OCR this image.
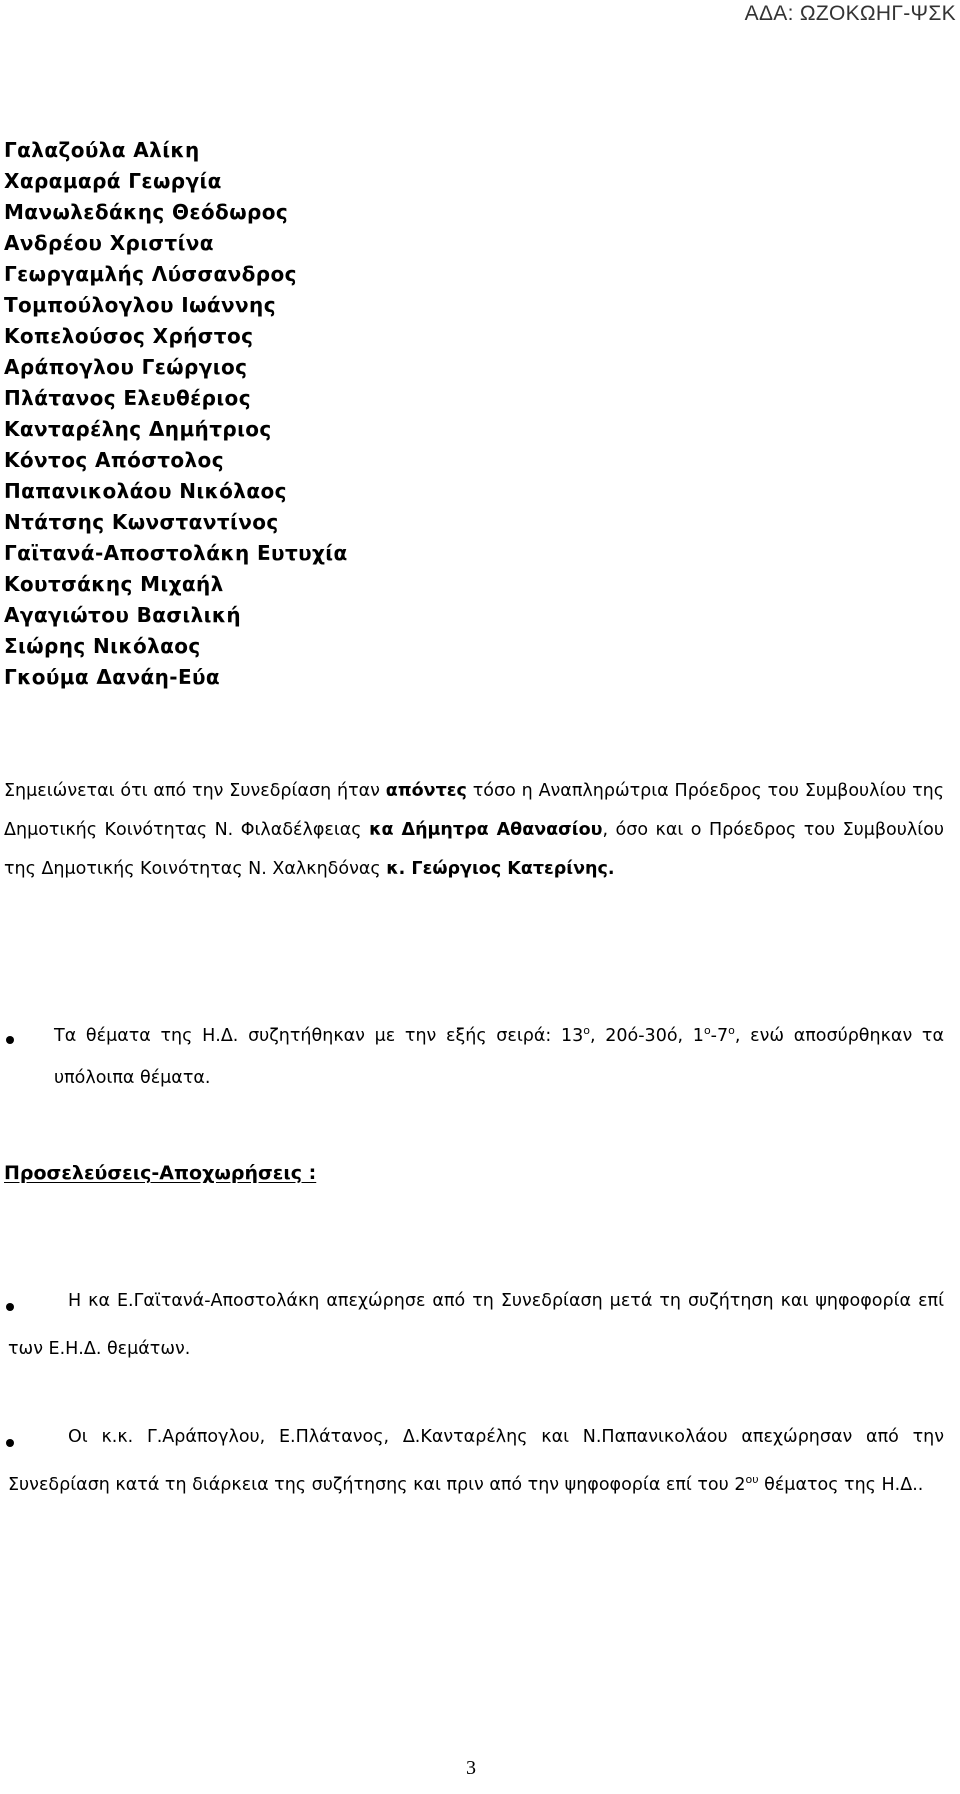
ΑΔΑ: ΩΖΟΚΩΗΓ-ΨΣΚ
Γαλαζούλα Αλίκη
Χαραμαρά Γεωργία
Μανωλεδάκης Θεόδωρος
Ανδρέου Χριστίνα
Γεωργαμλής Λύσσανδρος
Τομπούλογλου Ιωάννης
Κοπελούσος Χρήστος
Αράπογλου Γεώργιος
Πλάτανος Ελευθέριος
Κανταρέλης Δημήτριος
Κόντος Απόστολος
Παπανικολάου Νικόλαος
Ντάτσης Κωνσταντίνος
Γαϊτανά-Αποστολάκη Ευτυχία
Κουτσάκης Μιχαήλ
Αγαγιώτου Βασιλική
Σιώρης Νικόλαος
Γκούμα Δανάη-Εύα

Σημειώνεται ότι από την Συνεδρίαση ήταν απόντες τόσο η Αναπληρώτρια Πρόεδρος του Συμβουλίου της Δημοτικής Κοινότητας Ν. Φιλαδέλφειας κα Δήμητρα Αθανασίου, όσο και ο Πρόεδρος του Συμβουλίου της Δημοτικής Κοινότητας Ν. Χαλκηδόνας κ. Γεώργιος Κατερίνης.

Τα θέματα της Η.Δ. συζητήθηκαν με την εξής σειρά: $13^o$, 20ό-30ό, $1^o-7^o$, ενώ αποσύρθηκαν τα υπόλοιπα θέματα.

Προσελεύσεις-Αποχωρήσεις :

Η κα Ε.Γαϊτανά-Αποστολάκη απεχώρησε από τη Συνεδρίαση μετά τη συζήτηση και ψηφοφορία επί των Ε.Η.Δ. θεμάτων.

Οι κ.κ. Γ.Αράπογλου, Ε.Πλάτανος, Δ.Κανταρέλης και Ν.Παπανικολάου απεχώρησαν από την Συνεδρίαση κατά τη διάρκεια της συζήτησης και πριν από την ψηφοφορία επί του $2^{o\upsilon}$ θέματος της Η.Δ..

3
